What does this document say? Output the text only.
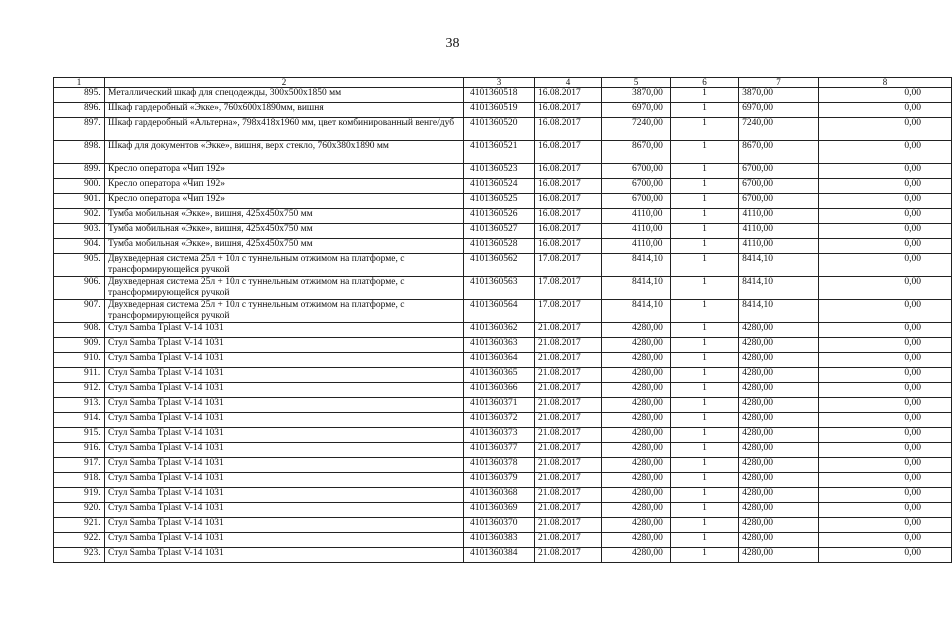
38
1	2	3	4	5	6	7	8
895.	Металлический шкаф для спецодежды, 300x500x1850 мм	4101360518	16.08.2017	3870,00	1	3870,00	0,00
896.	Шкаф гардеробный «Экке», 760x600x1890мм, вишня	4101360519	16.08.2017	6970,00	1	6970,00	0,00
897.	Шкаф гардеробный «Альтерна», 798x418x1960 мм, цвет комбинированный венге/дуб	4101360520	16.08.2017	7240,00	1	7240,00	0,00
898.	Шкаф для документов «Экке», вишня, верх стекло, 760x380x1890 мм	4101360521	16.08.2017	8670,00	1	8670,00	0,00
899.	Кресло оператора «Чип 192»	4101360523	16.08.2017	6700,00	1	6700,00	0,00
900.	Кресло оператора «Чип 192»	4101360524	16.08.2017	6700,00	1	6700,00	0,00
901.	Кресло оператора «Чип 192»	4101360525	16.08.2017	6700,00	1	6700,00	0,00
902.	Тумба мобильная «Экке», вишня, 425x450x750 мм	4101360526	16.08.2017	4110,00	1	4110,00	0,00
903.	Тумба мобильная «Экке», вишня, 425x450x750 мм	4101360527	16.08.2017	4110,00	1	4110,00	0,00
904.	Тумба мобильная «Экке», вишня, 425x450x750 мм	4101360528	16.08.2017	4110,00	1	4110,00	0,00
905.	Двухведерная система 25л + 10л с туннельным отжимом на платформе, с трансформирующейся ручкой	4101360562	17.08.2017	8414,10	1	8414,10	0,00
906.	Двухведерная система 25л + 10л с туннельным отжимом на платформе, с трансформирующейся ручкой	4101360563	17.08.2017	8414,10	1	8414,10	0,00
907.	Двухведерная система 25л + 10л с туннельным отжимом на платформе, с трансформирующейся ручкой	4101360564	17.08.2017	8414,10	1	8414,10	0,00
908.	Стул Samba Tplast V-14 1031	4101360362	21.08.2017	4280,00	1	4280,00	0,00
909.	Стул Samba Tplast V-14 1031	4101360363	21.08.2017	4280,00	1	4280,00	0,00
910.	Стул Samba Tplast V-14 1031	4101360364	21.08.2017	4280,00	1	4280,00	0,00
911.	Стул Samba Tplast V-14 1031	4101360365	21.08.2017	4280,00	1	4280,00	0,00
912.	Стул Samba Tplast V-14 1031	4101360366	21.08.2017	4280,00	1	4280,00	0,00
913.	Стул Samba Tplast V-14 1031	4101360371	21.08.2017	4280,00	1	4280,00	0,00
914.	Стул Samba Tplast V-14 1031	4101360372	21.08.2017	4280,00	1	4280,00	0,00
915.	Стул Samba Tplast V-14 1031	4101360373	21.08.2017	4280,00	1	4280,00	0,00
916.	Стул Samba Tplast V-14 1031	4101360377	21.08.2017	4280,00	1	4280,00	0,00
917.	Стул Samba Tplast V-14 1031	4101360378	21.08.2017	4280,00	1	4280,00	0,00
918.	Стул Samba Tplast V-14 1031	4101360379	21.08.2017	4280,00	1	4280,00	0,00
919.	Стул Samba Tplast V-14 1031	4101360368	21.08.2017	4280,00	1	4280,00	0,00
920.	Стул Samba Tplast V-14 1031	4101360369	21.08.2017	4280,00	1	4280,00	0,00
921.	Стул Samba Tplast V-14 1031	4101360370	21.08.2017	4280,00	1	4280,00	0,00
922.	Стул Samba Tplast V-14 1031	4101360383	21.08.2017	4280,00	1	4280,00	0,00
923.	Стул Samba Tplast V-14 1031	4101360384	21.08.2017	4280,00	1	4280,00	0,00
